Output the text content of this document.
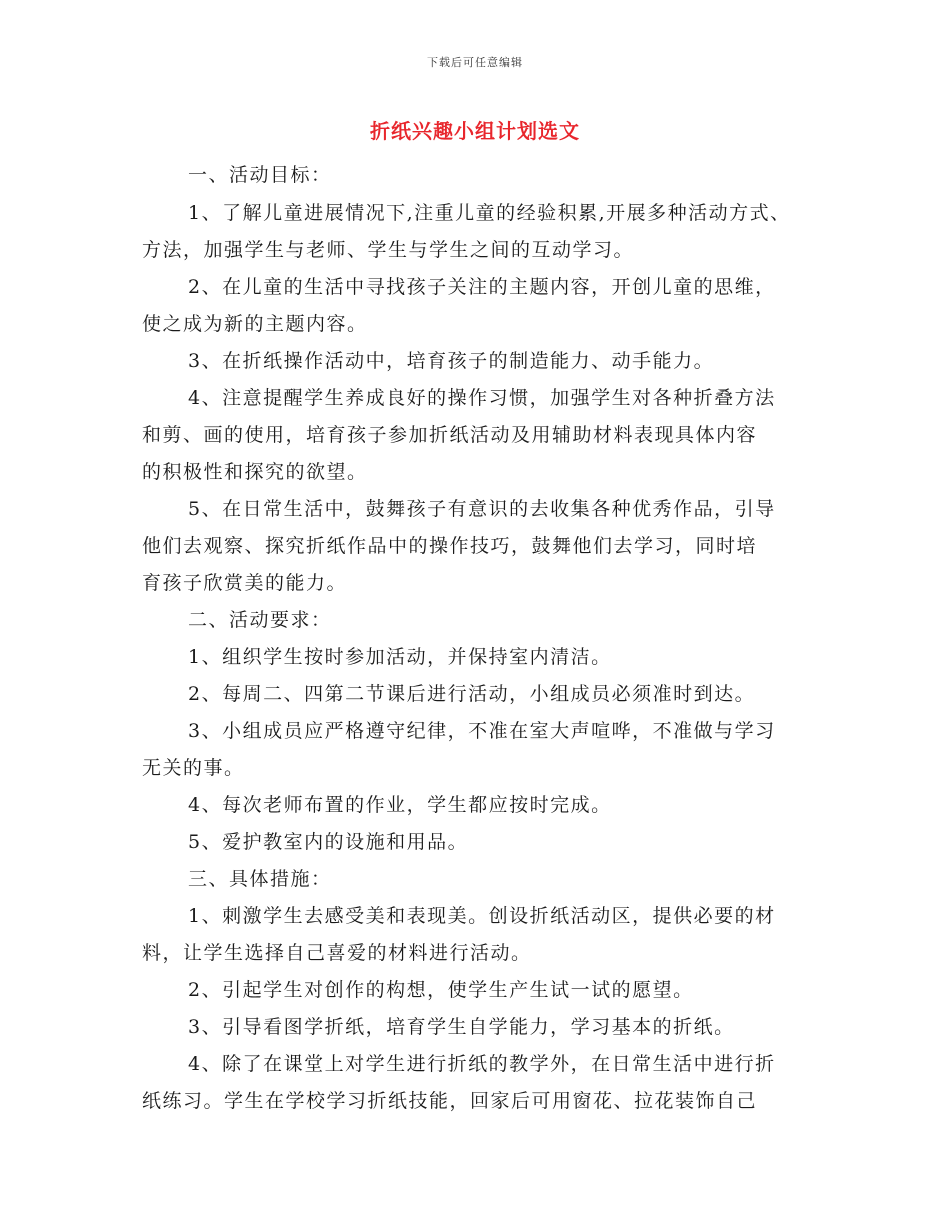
下载后可任意编辑
折纸兴趣小组计划选文
一、活动目标：
1、了解儿童进展情况下,注重儿童的经验积累,开展多种活动方式、
方法，加强学生与老师、学生与学生之间的互动学习。
2、在儿童的生活中寻找孩子关注的主题内容，开创儿童的思维，
使之成为新的主题内容。
3、在折纸操作活动中，培育孩子的制造能力、动手能力。
4、注意提醒学生养成良好的操作习惯，加强学生对各种折叠方法
和剪、画的使用，培育孩子参加折纸活动及用辅助材料表现具体内容
的积极性和探究的欲望。
5、在日常生活中，鼓舞孩子有意识的去收集各种优秀作品，引导
他们去观察、探究折纸作品中的操作技巧，鼓舞他们去学习，同时培
育孩子欣赏美的能力。
二、活动要求：
1、组织学生按时参加活动，并保持室内清洁。
2、每周二、四第二节课后进行活动，小组成员必须准时到达。
3、小组成员应严格遵守纪律，不准在室大声喧哗，不准做与学习
无关的事。
4、每次老师布置的作业，学生都应按时完成。
5、爱护教室内的设施和用品。
三、具体措施：
1、刺激学生去感受美和表现美。创设折纸活动区，提供必要的材
料，让学生选择自己喜爱的材料进行活动。
2、引起学生对创作的构想，使学生产生试一试的愿望。
3、引导看图学折纸，培育学生自学能力，学习基本的折纸。
4、除了在课堂上对学生进行折纸的教学外，在日常生活中进行折
纸练习。学生在学校学习折纸技能，回家后可用窗花、拉花装饰自己
